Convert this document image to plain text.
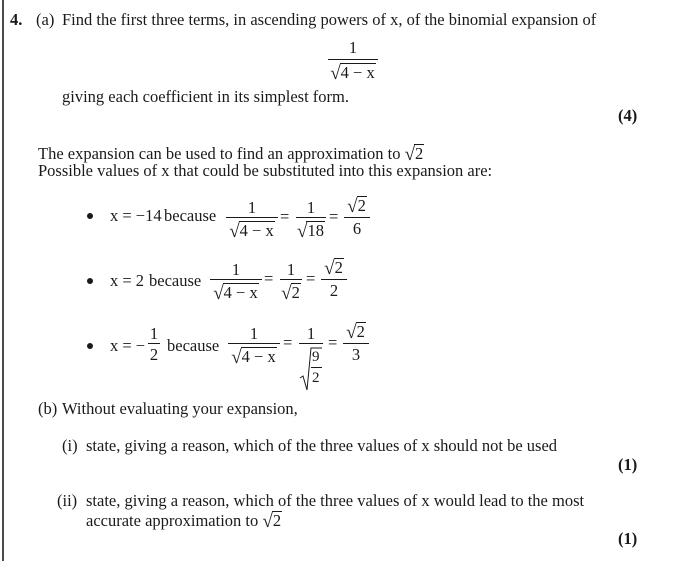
4. (a) Find the first three terms, in ascending powers of x, of the binomial expansion of
1
√4 − x
giving each coefficient in its simplest form.
(4)
The expansion can be used to find an approximation to √2
Possible values of x that could be substituted into this expansion are:
x = −14 because	1
√4 − x
=	1
√18
= √2
6
x = 2 because
1
√4 − x
= 1
√2
= √2
2
x = −
1
2 because
1
√4 − x
= 1
9
2
= √2
3
(b) Without evaluating your expansion,
(i) state, giving a reason, which of the three values of x should not be used
(1)
(ii) state, giving a reason, which of the three values of x would lead to the most
accurate approximation to √2
(1)
